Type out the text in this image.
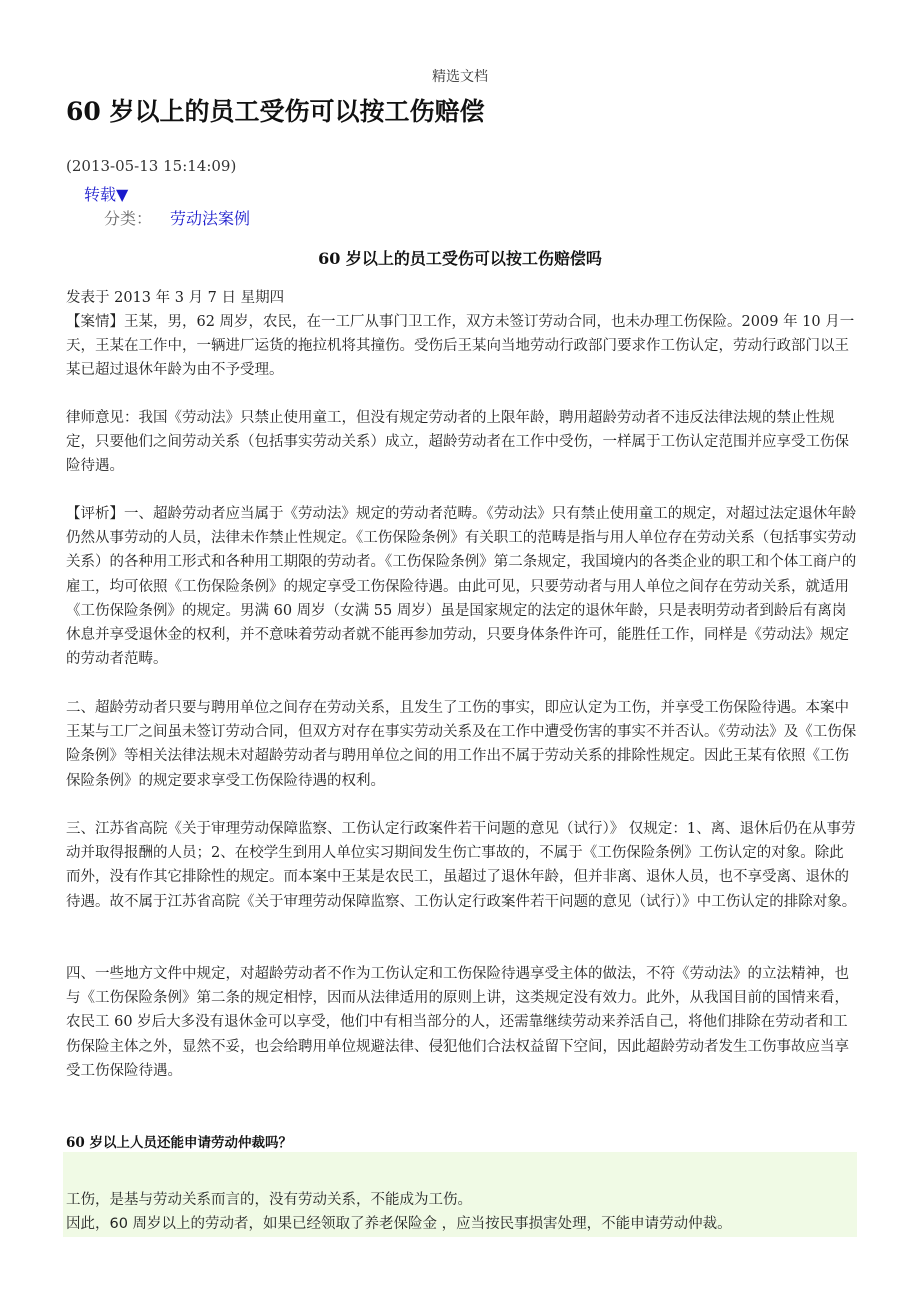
精选文档
60 岁以上的员工受伤可以按工伤赔偿
(2013-05-13 15:14:09)
转载▼
分类： 劳动法案例
60 岁以上的员工受伤可以按工伤赔偿吗

发表于 2013 年 3 月 7 日 星期四

【案情】王某，男，62 周岁，农民，在一工厂从事门卫工作，双方未签订劳动合同，也未办理工伤保险。2009 年 10 月一天，王某在工作中，一辆进厂运货的拖拉机将其撞伤。受伤后王某向当地劳动行政部门要求作工伤认定，劳动行政部门以王某已超过退休年龄为由不予受理。

律师意见：我国《劳动法》只禁止使用童工，但没有规定劳动者的上限年龄，聘用超龄劳动者不违反法律法规的禁止性规定，只要他们之间劳动关系（包括事实劳动关系）成立，超龄劳动者在工作中受伤，一样属于工伤认定范围并应享受工伤保险待遇。

【评析】一、超龄劳动者应当属于《劳动法》规定的劳动者范畴。《劳动法》只有禁止使用童工的规定，对超过法定退休年龄仍然从事劳动的人员，法律未作禁止性规定。《工伤保险条例》有关职工的范畴是指与用人单位存在劳动关系（包括事实劳动关系）的各种用工形式和各种用工期限的劳动者。《工伤保险条例》第二条规定，我国境内的各类企业的职工和个体工商户的雇工，均可依照《工伤保险条例》的规定享受工伤保险待遇。由此可见，只要劳动者与用人单位之间存在劳动关系，就适用《工伤保险条例》的规定。男满 60 周岁（女满 55 周岁）虽是国家规定的法定的退休年龄，只是表明劳动者到龄后有离岗休息并享受退休金的权利，并不意味着劳动者就不能再参加劳动，只要身体条件许可，能胜任工作，同样是《劳动法》规定的劳动者范畴。

二、超龄劳动者只要与聘用单位之间存在劳动关系，且发生了工伤的事实，即应认定为工伤，并享受工伤保险待遇。本案中王某与工厂之间虽未签订劳动合同，但双方对存在事实劳动关系及在工作中遭受伤害的事实不并否认。《劳动法》及《工伤保险条例》等相关法律法规未对超龄劳动者与聘用单位之间的用工作出不属于劳动关系的排除性规定。因此王某有依照《工伤保险条例》的规定要求享受工伤保险待遇的权利。

三、江苏省高院《关于审理劳动保障监察、工伤认定行政案件若干问题的意见（试行）》 仅规定：1、离、退休后仍在从事劳动并取得报酬的人员；2、在校学生到用人单位实习期间发生伤亡事故的，不属于《工伤保险条例》工伤认定的对象。除此而外，没有作其它排除性的规定。而本案中王某是农民工，虽超过了退休年龄，但并非离、退休人员，也不享受离、退休的待遇。故不属于江苏省高院《关于审理劳动保障监察、工伤认定行政案件若干问题的意见（试行）》中工伤认定的排除对象。

四、一些地方文件中规定，对超龄劳动者不作为工伤认定和工伤保险待遇享受主体的做法，不符《劳动法》的立法精神，也与《工伤保险条例》第二条的规定相悖，因而从法律适用的原则上讲，这类规定没有效力。此外，从我国目前的国情来看，农民工 60 岁后大多没有退休金可以享受，他们中有相当部分的人，还需靠继续劳动来养活自己，将他们排除在劳动者和工伤保险主体之外，显然不妥，也会给聘用单位规避法律、侵犯他们合法权益留下空间，因此超龄劳动者发生工伤事故应当享受工伤保险待遇。

60 岁以上人员还能申请劳动仲裁吗？

工伤，是基与劳动关系而言的，没有劳动关系，不能成为工伤。

因此，60 周岁以上的劳动者，如果已经领取了养老保险金 ，应当按民事损害处理，不能申请劳动仲裁。
